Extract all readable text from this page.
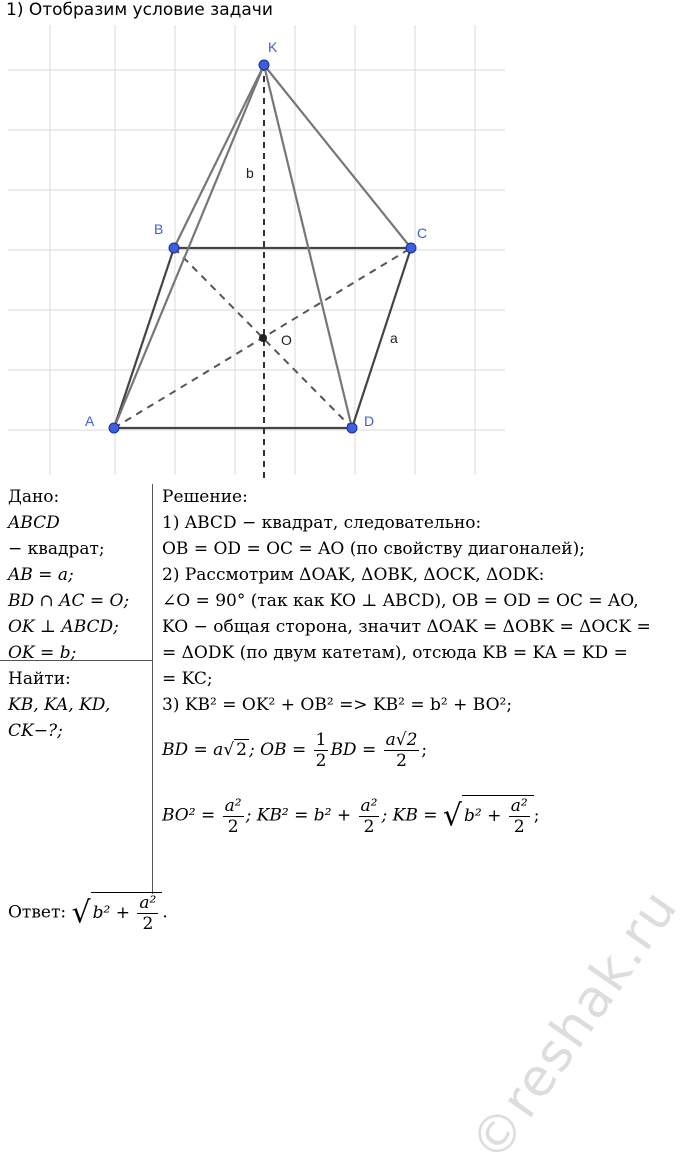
1) Отобразим условие задачи
K
B	C
A	D
O	a
b
Дано:
ABCD
− квадрат;
AB = a;
BD ∩ AC = O;
OK ⊥ ABCD;
OK = b;
Найти:
KB, KA, KD,
CK−?;
Решение:
1) ABCD − квадрат, следовательно:
OB = OD = OC = AO (по свойству диагоналей);
2) Рассмотрим ΔOAK, ΔOBK, ΔOCK, ΔODK:
∠O = 90° (так как KO ⊥ ABCD), OB = OD = OC = AO,
KO − общая сторона, значит ΔOAK = ΔOBK = ΔOCK =
= ΔODK (по двум катетам), отсюда KB = KA = KD =
= KC;
3) KB² = OK² + OB² => KB² = b² + BO²;
BD = a√ 2 ; OB = $\frac{1}{2}$ BD = $\frac{a√2}{2}$ ;
$BO^2 = \frac{\text{a²}}{2}$ ; $KB^2 = b^2 + \frac{\text{a²}}{2}$ ; KB = √ $b^2 + \frac{\text{a²}}{2}$ ;
Ответ: √ $b^2 + \frac{\text{a²}}{2}$ .	©reshak.ru
